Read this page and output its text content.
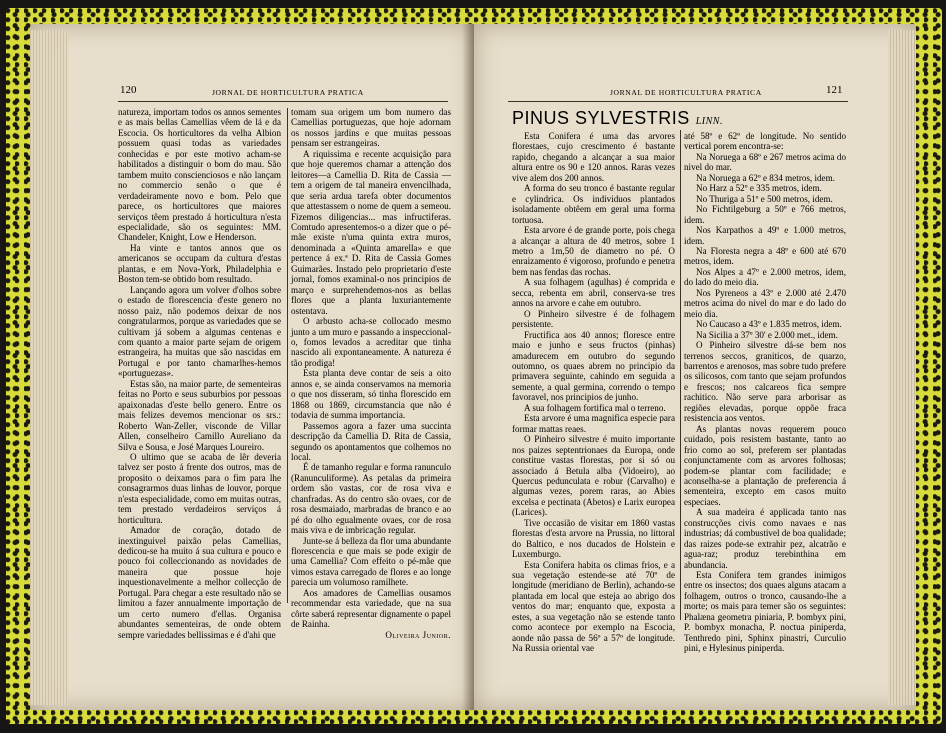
120	JORNAL DE HORTICULTURA PRATICA

natureza, importam todos os annos sementes e as mais bellas Camellias vêem de lá e da Escocia. Os horticultores da velha Albion possuem quasi todas as variedades conhecidas e por este motivo acham-se habilitados a distinguir o bom do mau. São tambem muito conscienciosos e não lançam no commercio senão o que é verdadeiramente novo e bom. Pelo que parece, os horticultores que maiores serviços têem prestado á horticultura n'esta especialidade, são os seguintes: MM. Chandeler, Knight, Low e Henderson.

Ha vinte e tantos annos que os americanos se occupam da cultura d'estas plantas, e em Nova-York, Philadelphia e Boston tem-se obtido bom resultado.

Lançando agora um volver d'olhos sobre o estado de florescencia d'este genero no nosso paiz, não podemos deixar de nos congratularmos, porque as variedades que se cultivam já sobem a algumas centenas e com quanto a maior parte sejam de origem estrangeira, ha muitas que são nascidas em Portugal e por tanto chamarlhes-hemos «portuguezas».

Estas são, na maior parte, de sementeiras feitas no Porto e seus suburbios por pessoas apaixonadas d'este bello genero. Entre os mais felizes devemos mencionar os srs.: Roberto Wan-Zeller, visconde de Villar Allen, conselheiro Camillo Aureliano da Silva e Sousa, e José Marques Loureiro.

O ultimo que se acaba de lêr deveria talvez ser posto á frente dos outros, mas de proposito o deixamos para o fim para lhe consagrarmos duas linhas de louvor, porque n'esta especialidade, como em muitas outras, tem prestado verdadeiros serviços á horticultura.

Amador de coração, dotado de inextinguivel paixão pelas Camellias, dedicou-se ha muito á sua cultura e pouco e pouco foi colleccionando as novidades de maneira que possue hoje inquestionavelmente a melhor collecção de Portugal. Para chegar a este resultado não se limitou a fazer annualmente importação de um certo numero d'ellas. Organisa abundantes sementeiras, de onde obtem sempre variedades bellissimas e é d'ahi que

tomam sua origem um bom numero das Camellias portuguezas, que hoje adornam os nossos jardins e que muitas pessoas pensam ser estrangeiras.

A riquissima e recente acquisição para que hoje queremos chamar a attenção dos leitores—a Camellia D. Rita de Cassia — tem a origem de tal maneira envencilhada, que seria ardua tarefa obter documentos que attestassem o nome de quem a semeou. Fizemos diligencias... mas infructiferas. Comtudo apresentemos-o a dizer que o pé-mãe existe n'uma quinta extra muros, denominada a «Quinta amarella» e que pertence á ex.ª D. Rita de Cassia Gomes Guimarães. Instado pelo proprietario d'este jornal, fomos examinal-o nos principios de março e surprehendemos-nos as bellas flores que a planta luxuriantemente ostentava.

O arbusto acha-se collocado mesmo junto a um muro e passando a inspeccional-o, fomos levados a acreditar que tinha nascido ali expontaneamente. A natureza é tão prodiga!

Esta planta deve contar de seis a oito annos e, se ainda conservamos na memoria o que nos disseram, só tinha florescido em 1868 ou 1869, circumstancia que não é todavia de summa importancia.

Passemos agora a fazer uma succinta descripção da Camellia D. Rita de Cassia, segundo os apontamentos que colhemos no local.

É de tamanho regular e forma ranunculo (Ranunculiforme). As petalas da primeira ordem são vastas, cor de rosa viva e chanfradas. As do centro são ovaes, cor de rosa desmaiado, marbradas de branco e ao pé do olho egualmente ovaes, cor de rosa mais viva e de imbricação regular.

Junte-se á belleza da flor uma abundante florescencia e que mais se pode exigir de uma Camellia? Com effeito o pé-mãe que vimos estava carregado de flores e ao longe parecia um volumoso ramilhete.

Aos amadores de Camellias ousamos recommendar esta variedade, que na sua côrte saberá representar dignamente o papel de Rainha.

Oliveira Junior.

JORNAL DE HORTICULTURA PRATICA	121
PINUS SYLVESTRIS LINN.

Esta Conifera é uma das arvores florestaes, cujo crescimento é bastante rapido, chegando a alcançar a sua maior altura entre os 90 e 120 annos. Raras vezes vive alem dos 200 annos.

A forma do seu tronco é bastante regular e cylindrica. Os individuos plantados isoladamente obtêem em geral uma forma tortuosa.

Esta arvore é de grande porte, pois chega a alcançar a altura de 40 metros, sobre 1 metro a 1m,50 de diametro no pé. O enraizamento é vigoroso, profundo e penetra bem nas fendas das rochas.

A sua folhagem (agulhas) é comprida e secca, rebenta em abril, conserva-se tres annos na arvore e cahe em outubro.

O Pinheiro silvestre é de folhagem persistente.

Fructifica aos 40 annos; floresce entre maio e junho e seus fructos (pinhas) amadurecem em outubro do segundo outomno, os quaes abrem no principio da primavera seguinte, cahindo em seguida a semente, a qual germina, correndo o tempo favoravel, nos principios de junho.

A sua folhagem fortifica mal o terreno.

Esta arvore é uma magnifica especie para formar mattas reaes.

O Pinheiro silvestre é muito importante nos paizes septentrionaes da Europa, onde constitue vastas florestas, por si só ou associado á Betula alba (Vidoeiro), ao Quercus pedunculata e robur (Carvalho) e algumas vezes, porem raras, ao Abies excelsa e pectinata (Abetos) e Larix europea (Larices).

Tive occasião de visitar em 1860 vastas florestas d'esta arvore na Prussia, no littoral do Baltico, e nos ducados de Holstein e Luxemburgo.

Esta Conifera habita os climas frios, e a sua vegetação estende-se até 70º de longitude (meridiano de Berlin), achando-se plantada em local que esteja ao abrigo dos ventos do mar; enquanto que, exposta a estes, a sua vegetação não se estende tanto como acontece por exemplo na Escocia, aonde não passa de 56º a 57º de longitude. Na Russia oriental vae

até 58º e 62º de longitude. No sentido vertical porem encontra-se:

Na Noruega a 68º e 267 metros acima do nivel do mar.

Na Noruega a 62º e 834 metros, idem.

No Harz a 52º e 335 metros, idem.

No Thuriga a 51º e 500 metros, idem.

No Fichtilgeburg a 50º e 766 metros, idem.

Nos Karpathos a 49º e 1.000 metros, idem.

Na Floresta negra a 48º e 600 até 670 metros, idem.

Nos Alpes a 47º e 2.000 metros, idem, do lado do meio dia.

Nos Pyreneos a 43º e 2.000 até 2.470 metros acima do nivel do mar e do lado do meio dia.

No Caucaso a 43º e 1.835 metros, idem.

Na Sicilia a 37º 30' e 2.000 met., idem.

O Pinheiro silvestre dá-se bem nos terrenos seccos, graniticos, de quarzo, barrentos e arenosos, mas sobre tudo prefere os silicosos, com tanto que sejam profundos e frescos; nos calcareos fica sempre rachitico. Não serve para arborisar as regiões elevadas, porque oppõe fraca resistencia aos ventos.

As plantas novas requerem pouco cuidado, pois resistem bastante, tanto ao frio como ao sol, preferem ser plantadas conjunctamente com as arvores folhosas; podem-se plantar com facilidade; e aconselha-se a plantação de preferencia á sementeira, excepto em casos muito especiaes.

A sua madeira é applicada tanto nas construcções civis como navaes e nas industrias; dá combustivel de boa qualidade; das raizes pode-se extrahir pez, alcatrão e agua-raz; produz terebinthina em abundancia.

Esta Conifera tem grandes inimigos entre os insectos; dos quaes alguns atacam a folhagem, outros o tronco, causando-lhe a morte; os mais para temer são os seguintes: Phalæna geometra piniaria, P. bombyx pini, P. bombyx monacha, P. noctua piniperda, Tenthredo pini, Sphinx pinastri, Curculio pini, e Hylesinus piniperda.
